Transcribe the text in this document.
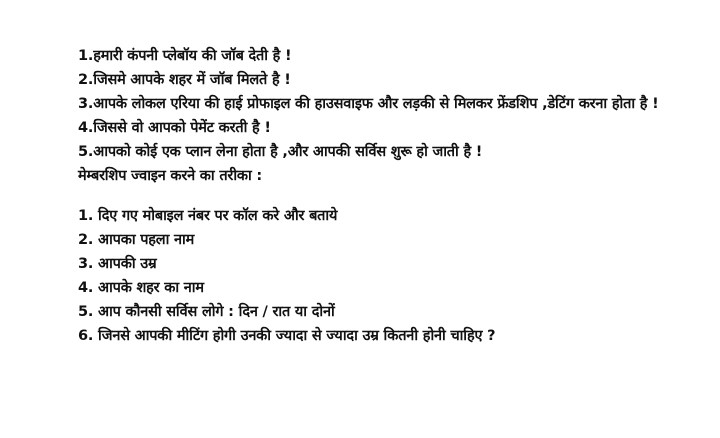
1.हमारी कंपनी प्लेबॉय की जॉब देती है !
2.जिसमे आपके शहर में जॉब मिलते है !
3.आपके लोकल एरिया की हाई प्रोफाइल की हाउसवाइफ और लड़की से मिलकर फ्रेंडशिप ,डेटिंग करना होता है !
4.जिससे वो आपको पेमेंट करती है !
5.आपको कोई एक प्लान लेना होता है ,और आपकी सर्विस शुरू हो जाती है !
मेम्बरशिप ज्वाइन करने का तरीका :
1. दिए गए मोबाइल नंबर पर कॉल करे और बताये
2. आपका पहला नाम
3. आपकी उम्र
4. आपके शहर का नाम
5. आप कौनसी सर्विस लोगे : दिन / रात या दोनों
6. जिनसे आपकी मीटिंग होगी उनकी ज्यादा से ज्यादा उम्र कितनी होनी चाहिए ?
